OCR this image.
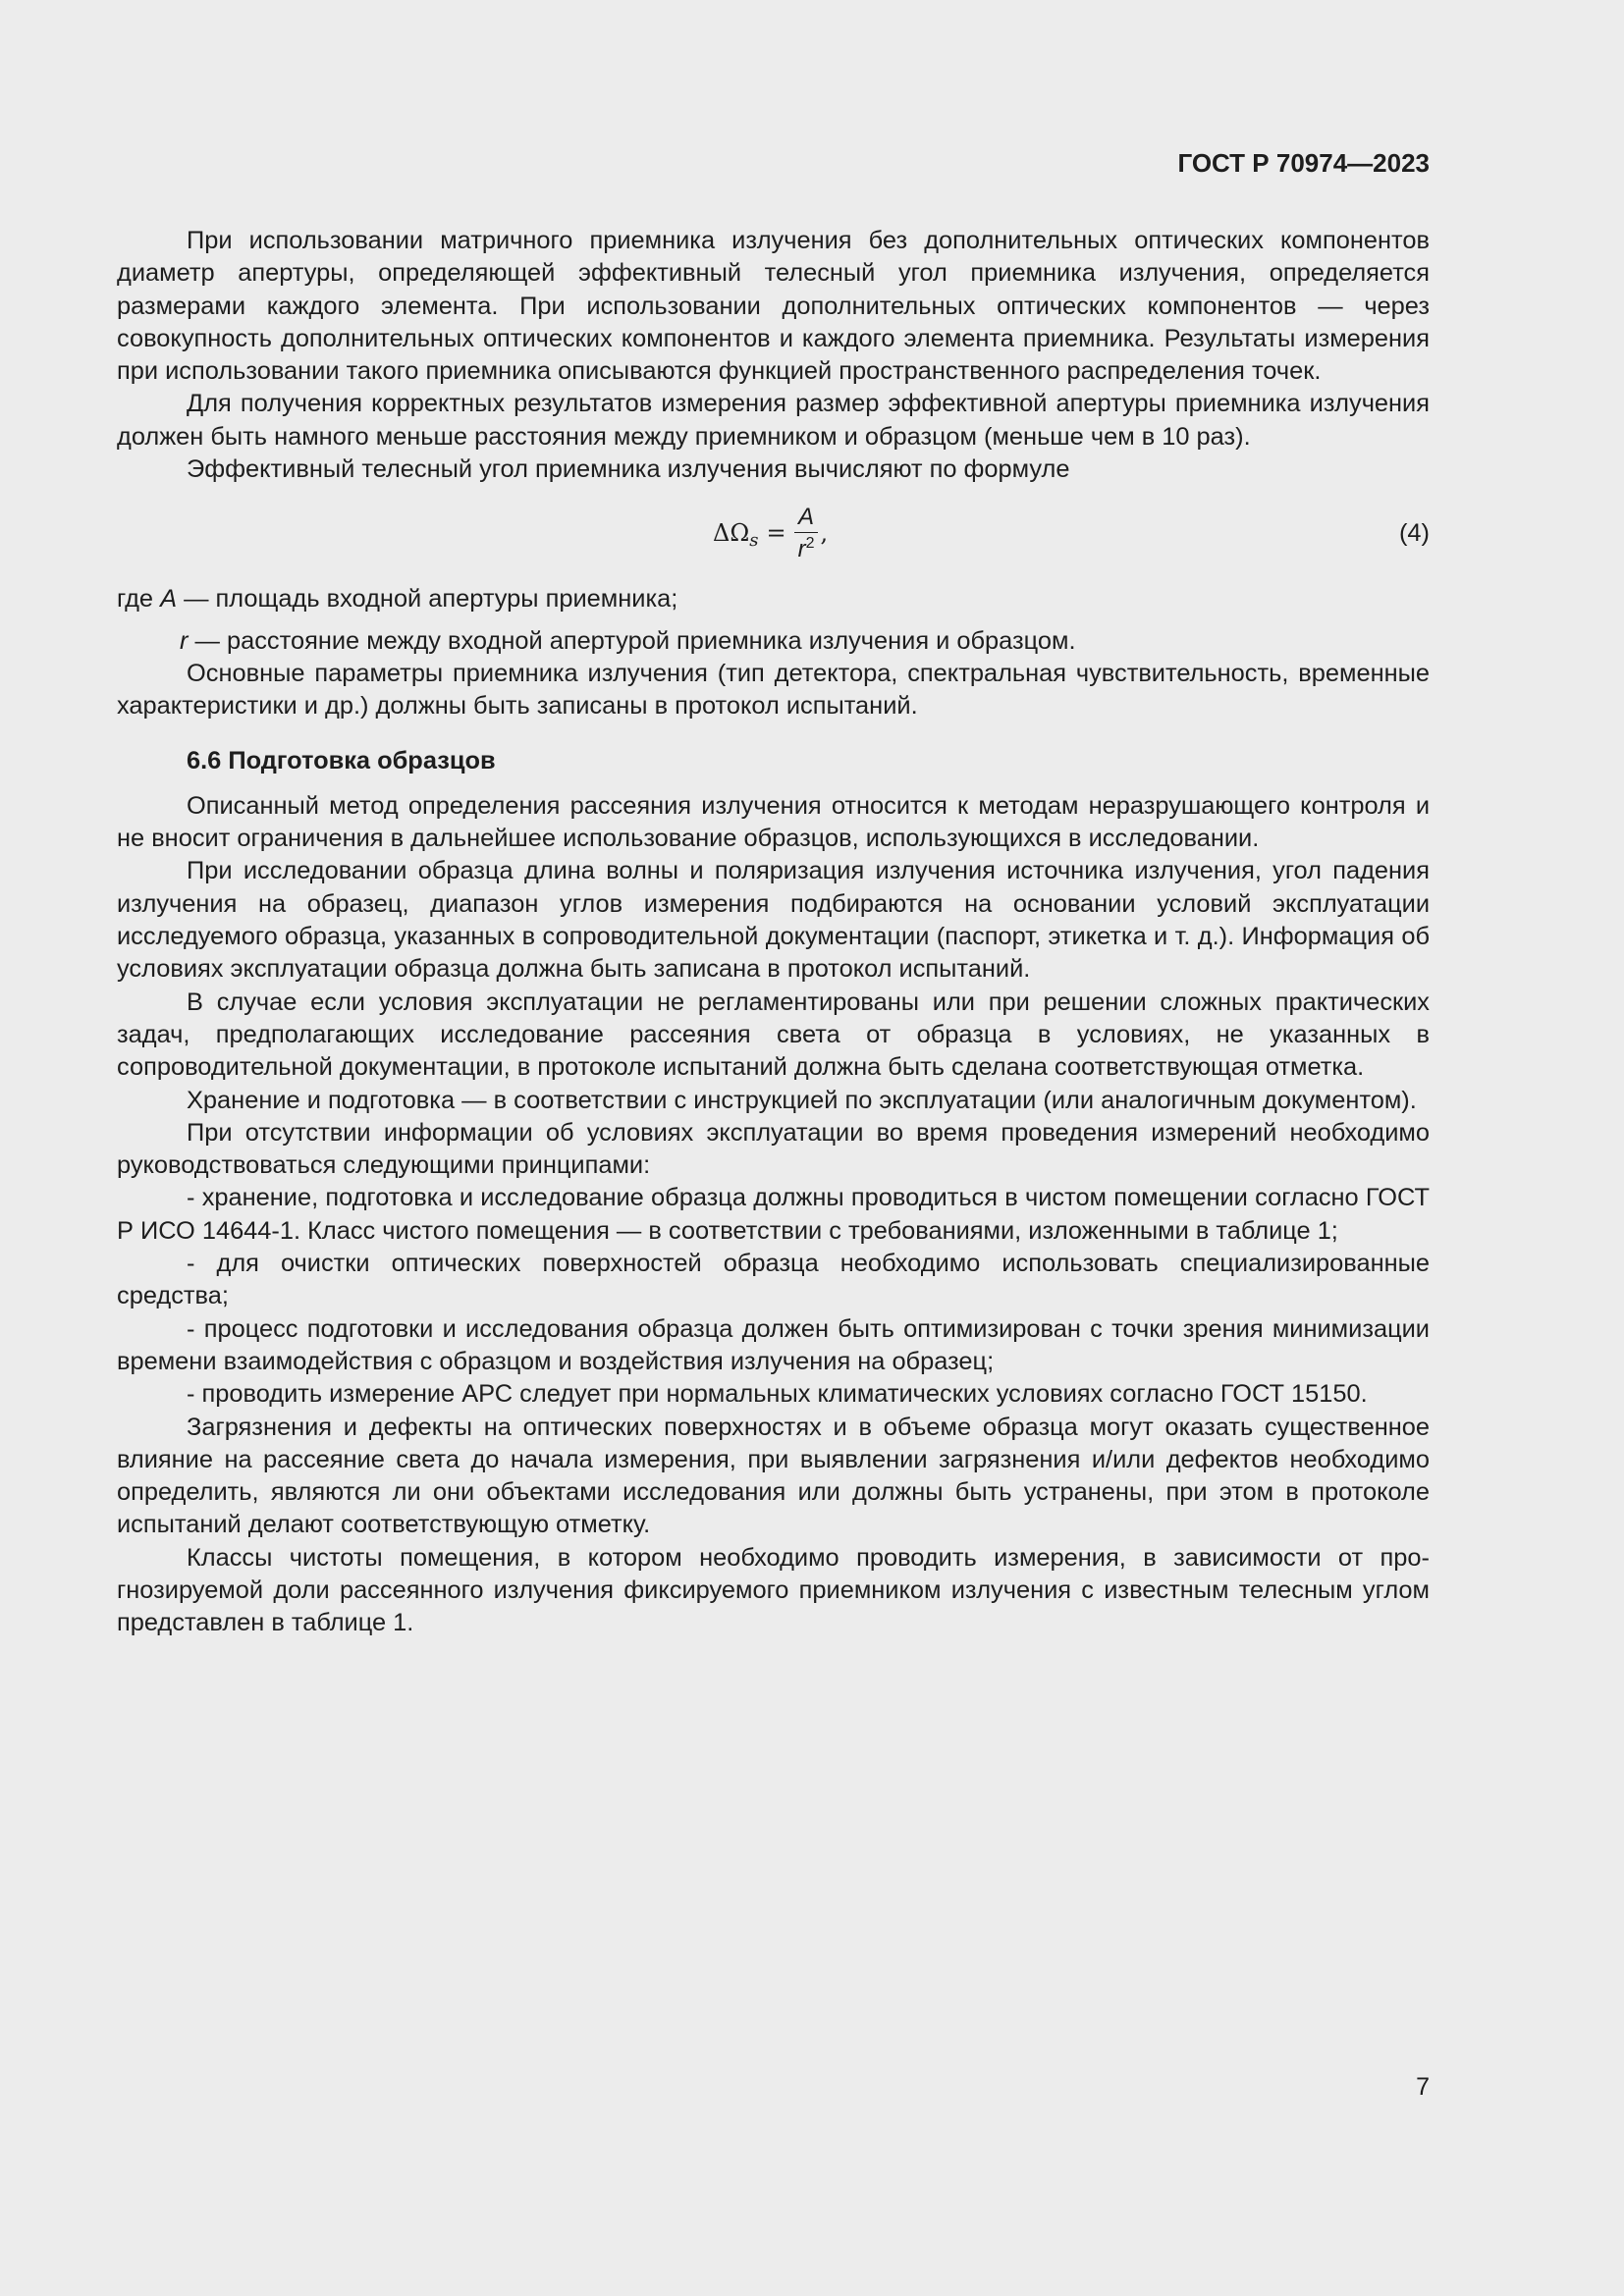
ГОСТ Р 70974—2023

При использовании матричного приемника излучения без дополнительных оптических компонентов диаметр апертуры, определяющей эффективный телесный угол приемника излучения, определяется размерами каждого элемента. При использовании дополнительных оптических компонентов — через совокупность дополнительных оптических компонентов и каждого элемента приемника. Результаты измерения при использовании такого приемника описываются функцией пространственного распределения точек.

Для получения корректных результатов измерения размер эффективной апертуры приемника излучения должен быть намного меньше расстояния между приемником и образцом (меньше чем в 10 раз).

Эффективный телесный угол приемника излучения вычисляют по формуле

ΔΩ $s = \frac{A}{r^2}$ ,	(4)

где A — площадь входной апертуры приемника;

r — расстояние между входной апертурой приемника излучения и образцом.

Основные параметры приемника излучения (тип детектора, спектральная чувствительность, временные характеристики и др.) должны быть записаны в протокол испытаний.

6.6 Подготовка образцов

Описанный метод определения рассеяния излучения относится к методам неразрушающего контроля и не вносит ограничения в дальнейшее использование образцов, использующихся в исследовании.

При исследовании образца длина волны и поляризация излучения источника излучения, угол падения излучения на образец, диапазон углов измерения подбираются на основании условий эксплуатации исследуемого образца, указанных в сопроводительной документации (паспорт, этикетка и т. д.). Информация об условиях эксплуатации образца должна быть записана в протокол испытаний.

В случае если условия эксплуатации не регламентированы или при решении сложных практических задач, предполагающих исследование рассеяния света от образца в условиях, не указанных в сопроводительной документации, в протоколе испытаний должна быть сделана соответствующая отметка.

Хранение и подготовка — в соответствии с инструкцией по эксплуатации (или аналогичным документом).

При отсутствии информации об условиях эксплуатации во время проведения измерений необходимо руководствоваться следующими принципами:

- хранение, подготовка и исследование образца должны проводиться в чистом помещении согласно ГОСТ Р ИСО 14644-1. Класс чистого помещения — в соответствии с требованиями, изложенными в таблице 1;

- для очистки оптических поверхностей образца необходимо использовать специализированные средства;

- процесс подготовки и исследования образца должен быть оптимизирован с точки зрения минимизации времени взаимодействия с образцом и воздействия излучения на образец;

- проводить измерение АРС следует при нормальных климатических условиях согласно ГОСТ 15150.

Загрязнения и дефекты на оптических поверхностях и в объеме образца могут оказать существенное влияние на рассеяние света до начала измерения, при выявлении загрязнения и/или дефектов необходимо определить, являются ли они объектами исследования или должны быть устранены, при этом в протоколе испытаний делают соответствующую отметку.

Классы чистоты помещения, в котором необходимо проводить измерения, в зависимости от прогнозируемой доли рассеянного излучения фиксируемого приемником излучения с известным телесным углом представлен в таблице 1.

7
